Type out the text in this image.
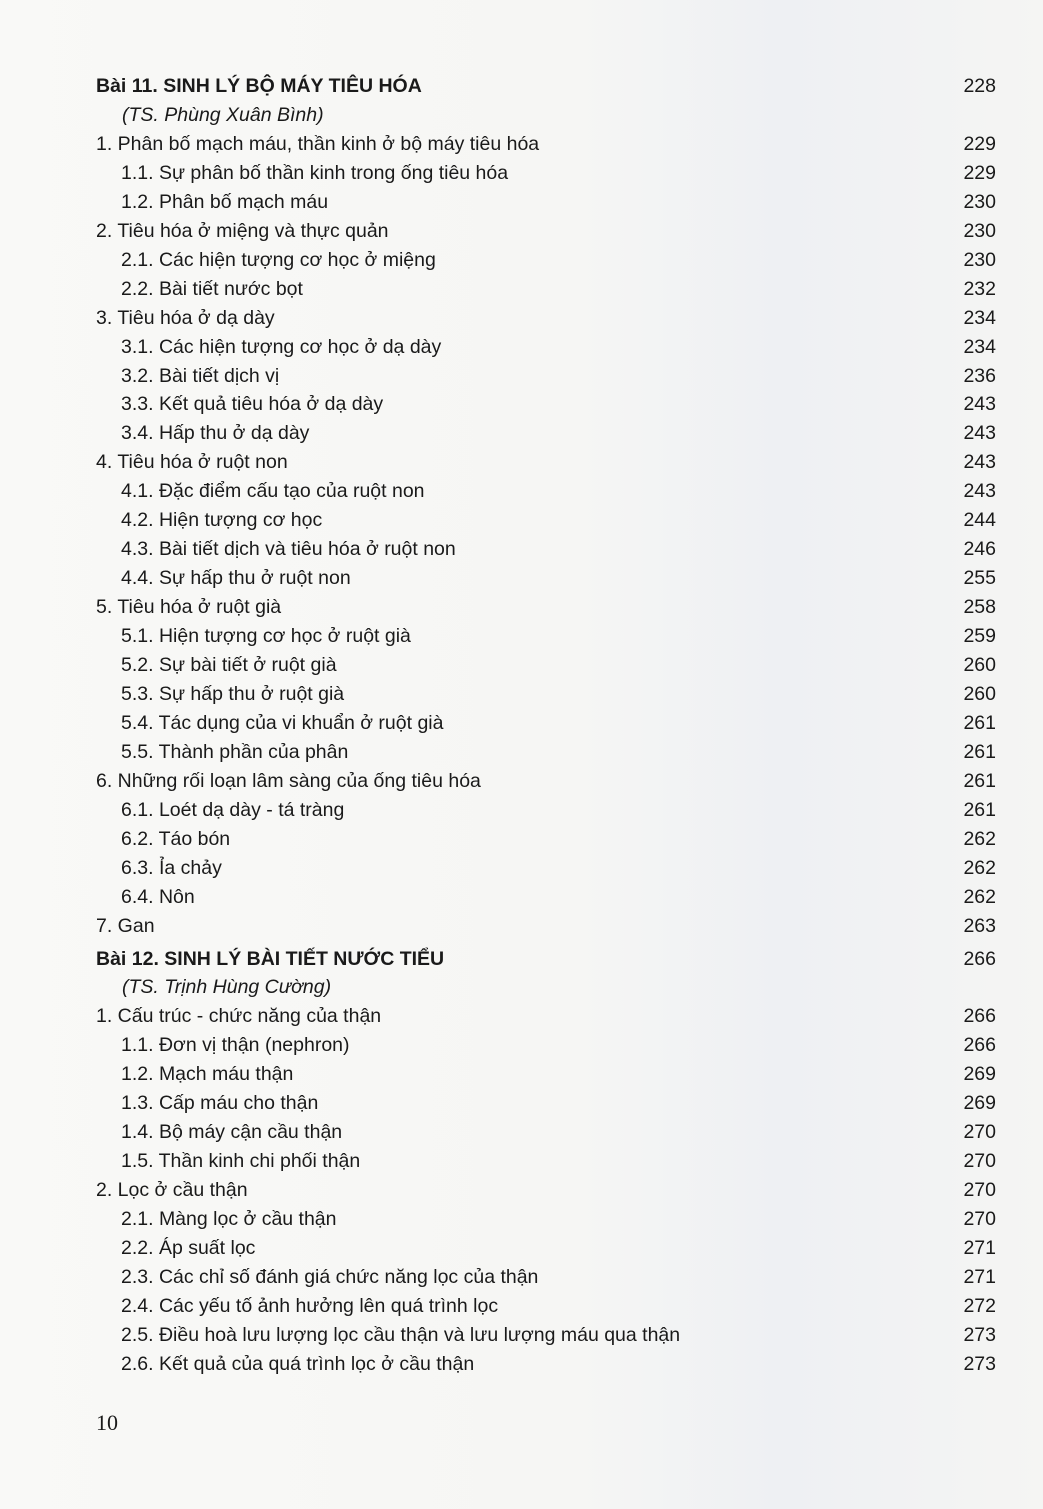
Bài 11. SINH LÝ BỘ MÁY TIÊU HÓA	228
(TS. Phùng Xuân Bình)
1. Phân bố mạch máu, thần kinh ở bộ máy tiêu hóa	229
1.1. Sự phân bố thần kinh trong ống tiêu hóa	229
1.2. Phân bố mạch máu	230
2. Tiêu hóa ở miệng và thực quản	230
2.1. Các hiện tượng cơ học ở miệng	230
2.2. Bài tiết nước bọt	232
3. Tiêu hóa ở dạ dày	234
3.1. Các hiện tượng cơ học ở dạ dày	234
3.2. Bài tiết dịch vị	236
3.3. Kết quả tiêu hóa ở dạ dày	243
3.4. Hấp thu ở dạ dày	243
4. Tiêu hóa ở ruột non	243
4.1. Đặc điểm cấu tạo của ruột non	243
4.2. Hiện tượng cơ học	244
4.3. Bài tiết dịch và tiêu hóa ở ruột non	246
4.4. Sự hấp thu ở ruột non	255
5. Tiêu hóa ở ruột già	258
5.1. Hiện tượng cơ học ở ruột già	259
5.2. Sự bài tiết ở ruột già	260
5.3. Sự hấp thu ở ruột già	260
5.4. Tác dụng của vi khuẩn ở ruột già	261
5.5. Thành phần của phân	261
6. Những rối loạn lâm sàng của ống tiêu hóa	261
6.1. Loét dạ dày - tá tràng	261
6.2. Táo bón	262
6.3. Ỉa chảy	262
6.4. Nôn	262
7. Gan	263
Bài 12. SINH LÝ BÀI TIẾT NƯỚC TIỂU	266
(TS. Trịnh Hùng Cường)
1. Cấu trúc - chức năng của thận	266
1.1. Đơn vị thận (nephron)	266
1.2. Mạch máu thận	269
1.3. Cấp máu cho thận	269
1.4. Bộ máy cận cầu thận	270
1.5. Thần kinh chi phối thận	270
2. Lọc ở cầu thận	270
2.1. Màng lọc ở cầu thận	270
2.2. Áp suất lọc	271
2.3. Các chỉ số đánh giá chức năng lọc của thận	271
2.4. Các yếu tố ảnh hưởng lên quá trình lọc	272
2.5. Điều hoà lưu lượng lọc cầu thận và lưu lượng máu qua thận	273
2.6. Kết quả của quá trình lọc ở cầu thận	273
10
